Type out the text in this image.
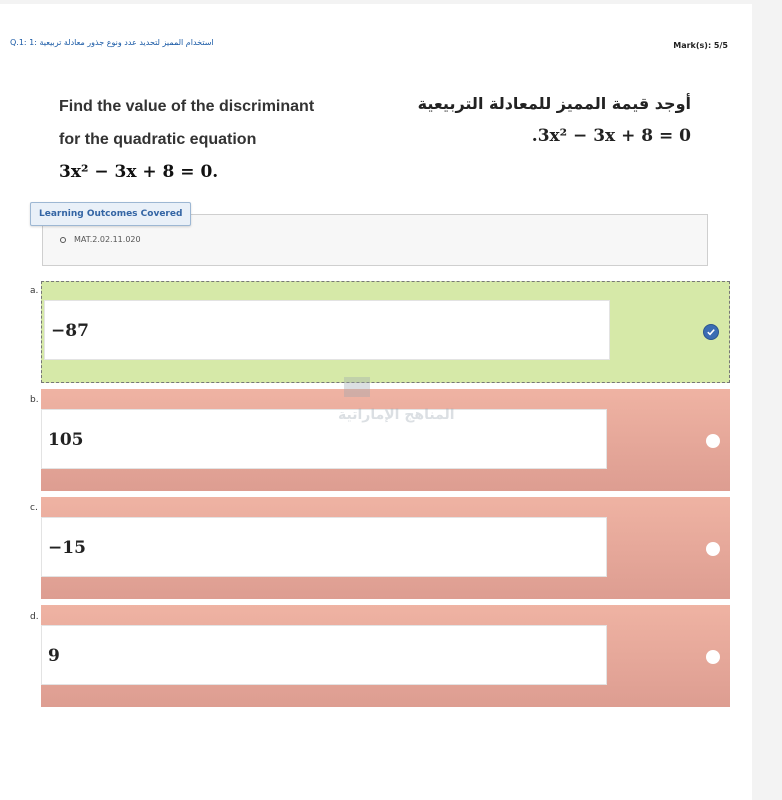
استخدام المميز لتحديد عدد ونوع جذور معادلة تربيعية :Q.1: 1	Mark(s): 5/5
Find the value of the discriminant
for the quadratic equation
3x² − 3x + 8 = 0.
أوجد قيمة المميز للمعادلة التربيعية
.3x² − 3x + 8 = 0
Learning Outcomes Covered
MAT.2.02.11.020
a.
−87
b.
105
c.
−15
d.
9
المناهج الإماراتية
